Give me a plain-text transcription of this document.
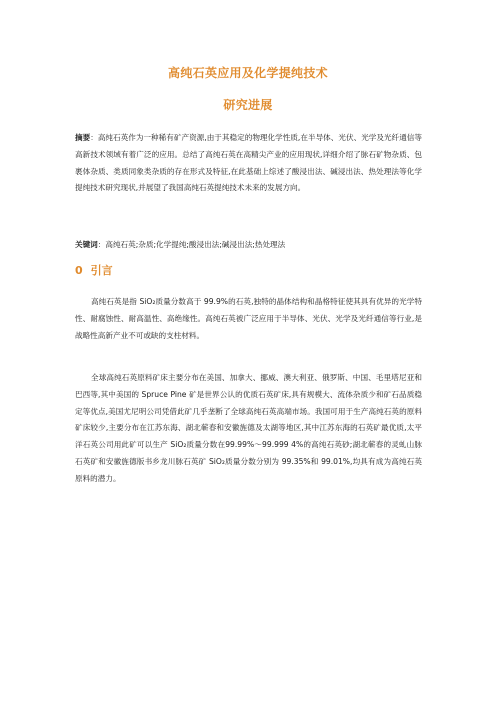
高纯石英应用及化学提纯技术
研究进展
摘要：高纯石英作为一种稀有矿产资源,由于其稳定的物理化学性质,在半导体、光伏、光学及光纤通信等高新技术领域有着广泛的应用。总结了高纯石英在高精尖产业的应用现状,详细介绍了脉石矿物杂质、包裹体杂质、类质同象类杂质的存在形式及特征,在此基础上综述了酸浸出法、碱浸出法、热处理法等化学提纯技术研究现状,并展望了我国高纯石英提纯技术未来的发展方向。
关键词：高纯石英;杂质;化学提纯;酸浸出法;碱浸出法;热处理法
0 引言
高纯石英是指 SiO₂质量分数高于 99.9%的石英,独特的晶体结构和晶格特征使其具有优异的光学特性、耐腐蚀性、耐高温性、高绝缘性。高纯石英被广泛应用于半导体、光伏、光学及光纤通信等行业,是战略性高新产业不可或缺的支柱材料。
全球高纯石英原料矿床主要分布在美国、加拿大、挪威、澳大利亚、俄罗斯、中国、毛里塔尼亚和巴西等,其中美国的 Spruce Pine 矿是世界公认的优质石英矿床,具有规模大、流体杂质少和矿石品质稳定等优点,美国尤尼明公司凭借此矿几乎垄断了全球高纯石英高端市场。我国可用于生产高纯石英的原料矿床较少,主要分布在江苏东海、湖北蕲春和安徽旌德及太湖等地区,其中江苏东海的石英矿最优质,太平洋石英公司用此矿可以生产 SiO₂质量分数在99.99%～99.999 4%的高纯石英砂;湖北蕲春的灵虬山脉石英矿和安徽旌德版书乡龙川脉石英矿 SiO₂质量分数分别为 99.35%和 99.01%,均具有成为高纯石英原料的潜力。
